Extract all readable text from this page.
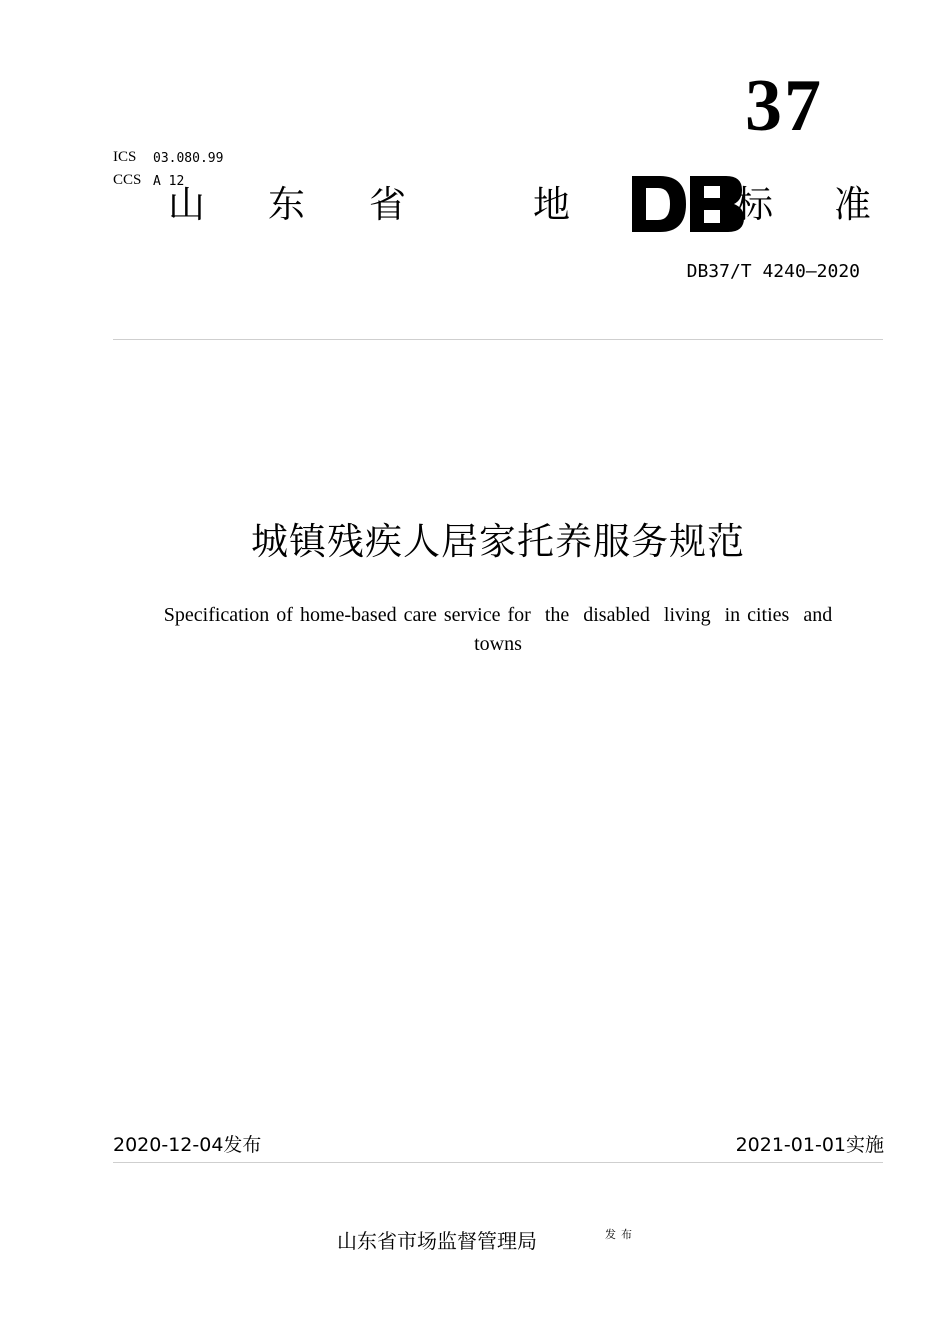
37
ICS 03.080.99
CCS A 12
山 东 省	地	标 准
DB37/T 4240—2020
城镇残疾人居家托养服务规范
Specification of home-based care service for  the  disabled  living  in cities  and
towns
2020-12-04发布	2021-01-01实施
山东省市场监督管理局	发布
